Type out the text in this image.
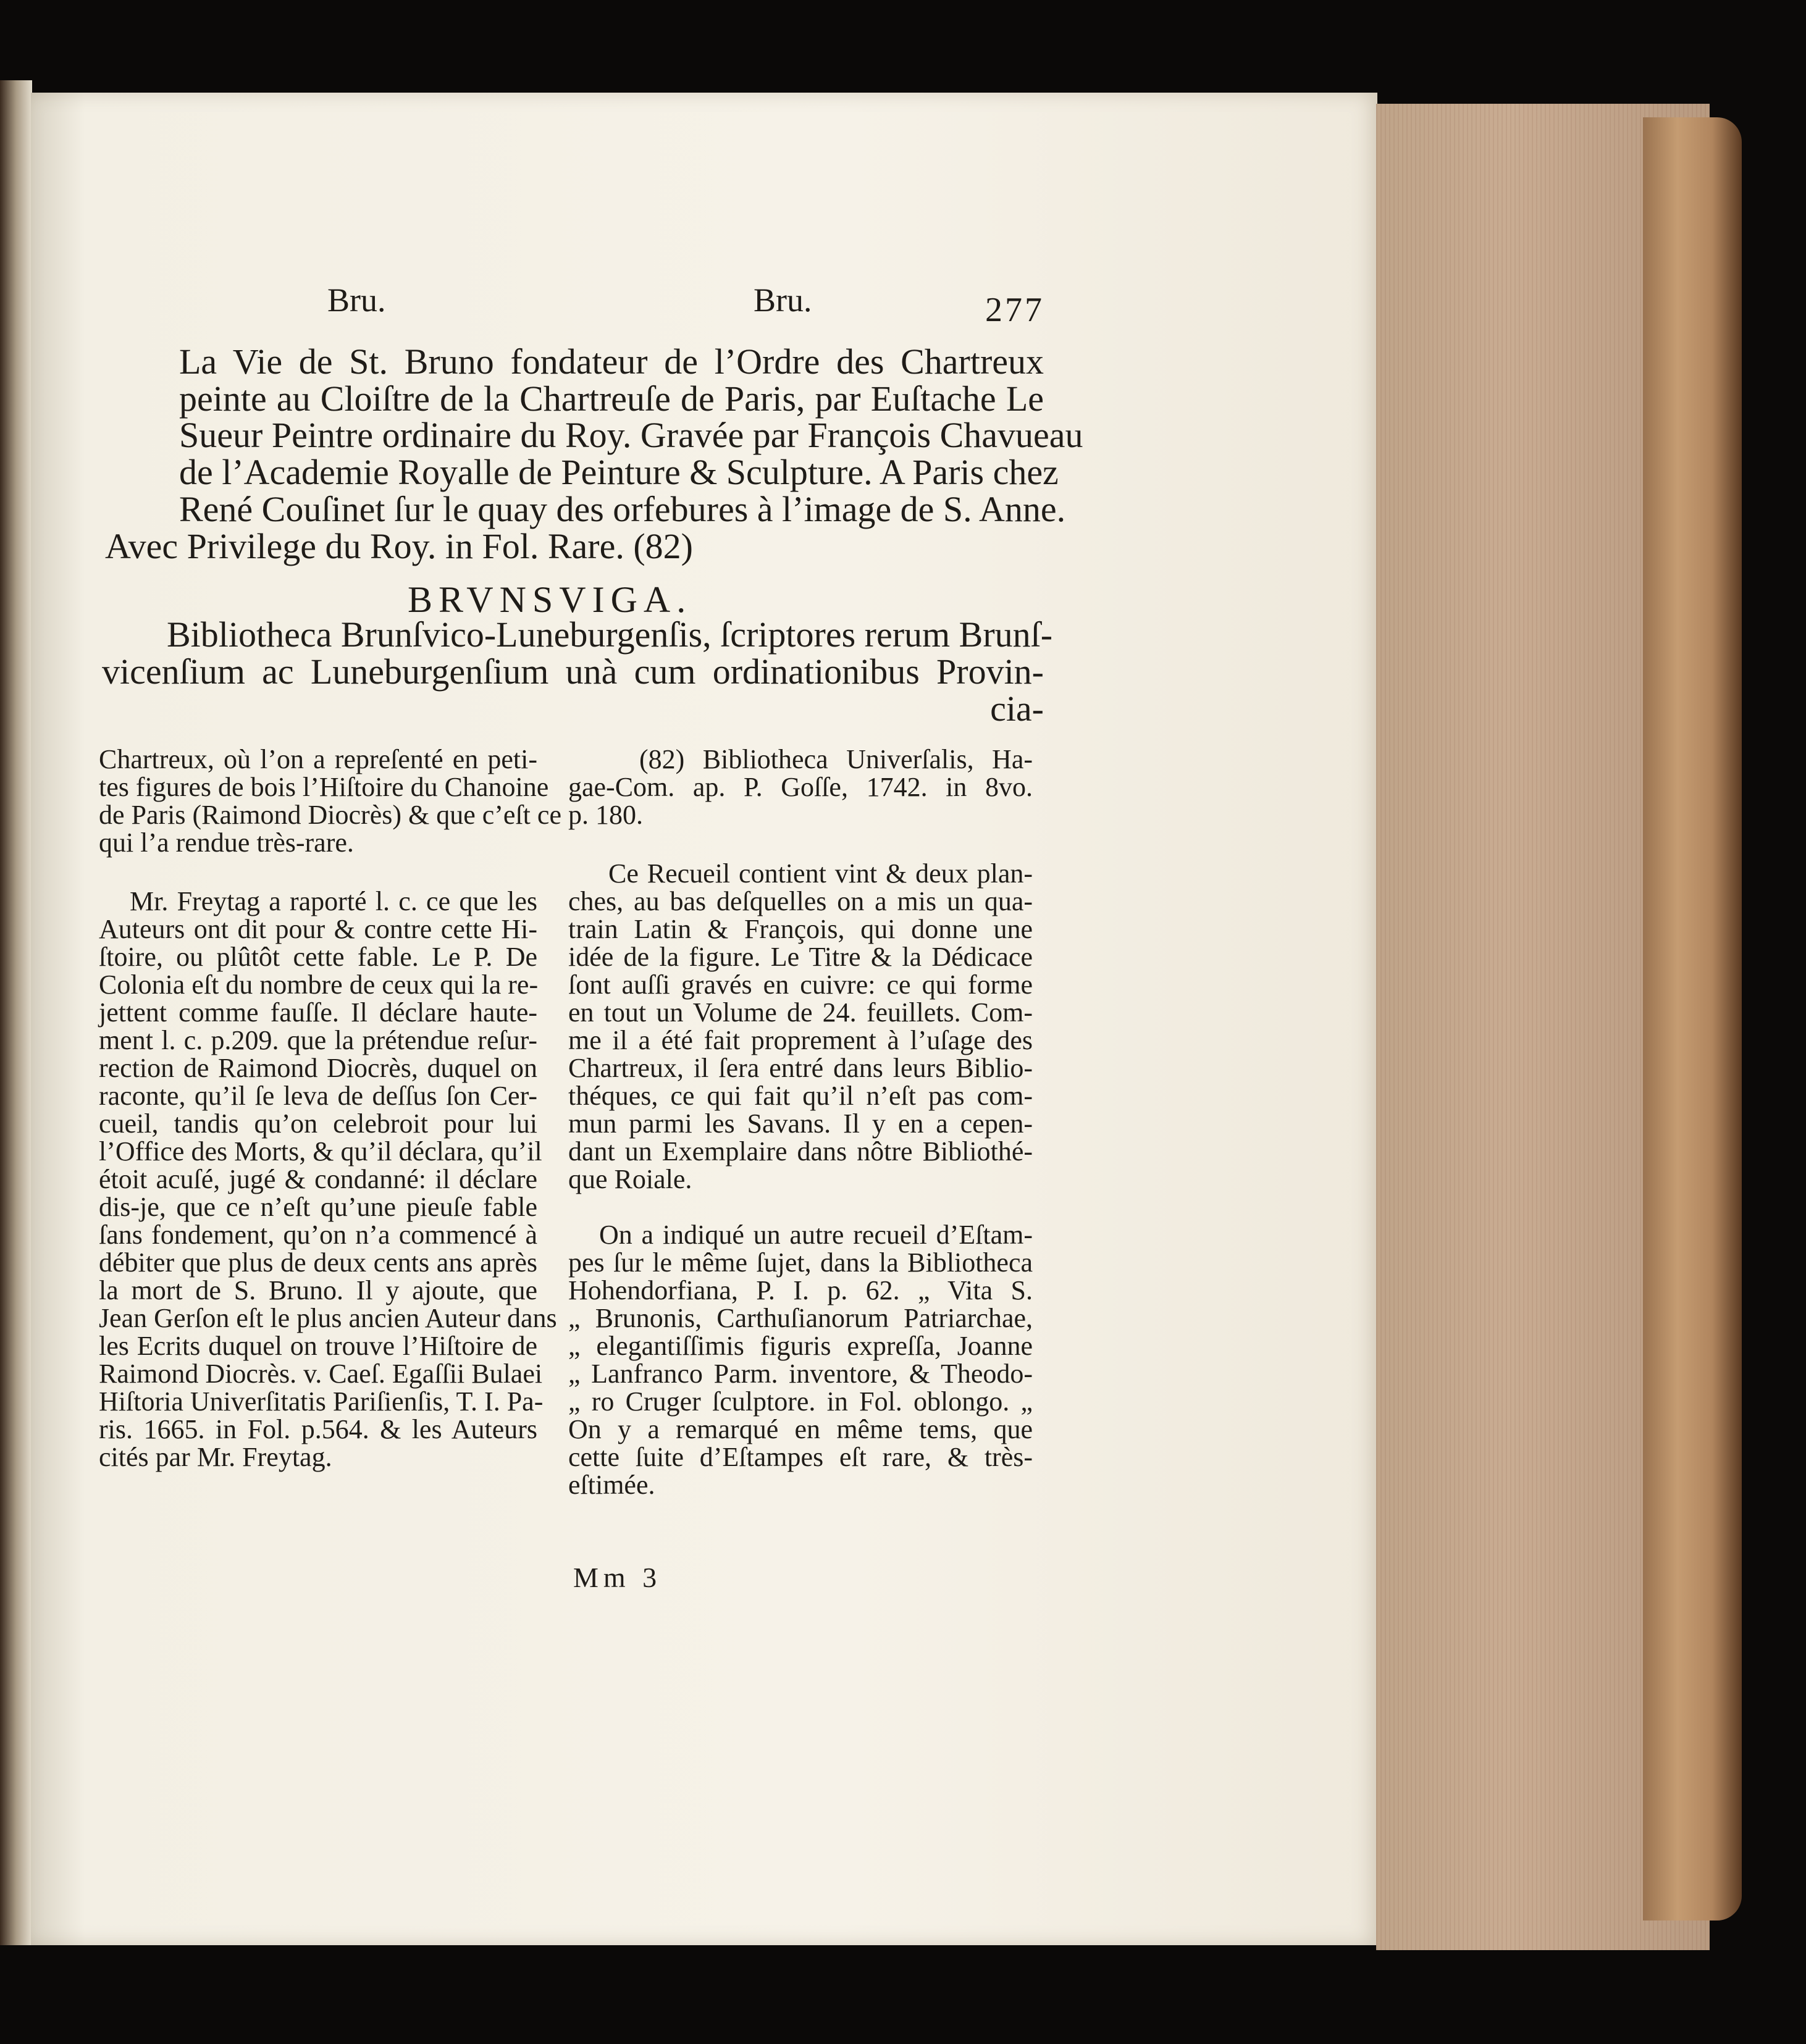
Bru.	Bru.	277
La Vie de St. Bruno fondateur de l’Ordre des Chartreux
peinte au Cloiſtre de la Chartreuſe de Paris, par Euſtache Le
Sueur Peintre ordinaire du Roy. Gravée par François Chavueau
de l’Academie Royalle de Peinture & Sculpture. A Paris chez
René Couſinet ſur le quay des orfebures à l’image de S. Anne.
Avec Privilege du Roy. in Fol. Rare. (82)
BRVNSVIGA.
Bibliotheca Brunſvico-Luneburgenſis, ſcriptores rerum Brunſ-
vicenſium ac Luneburgenſium unà cum ordinationibus Provin-
cia-
Chartreux, où l’on a repreſenté en peti-
tes figures de bois l’Hiſtoire du Chanoine
de Paris (Raimond Diocrès) & que c’eſt ce
qui l’a rendue très-rare.
Mr. Freytag a raporté l. c. ce que les
Auteurs ont dit pour & contre cette Hi-
ſtoire, ou plûtôt cette fable. Le P. De
Colonia eſt du nombre de ceux qui la re-
jettent comme fauſſe. Il déclare haute-
ment l. c. p.209. que la prétendue reſur-
rection de Raimond Diocrès, duquel on
raconte, qu’il ſe leva de deſſus ſon Cer-
cueil, tandis qu’on celebroit pour lui
l’Office des Morts, & qu’il déclara, qu’il
étoit acuſé, jugé & condanné: il déclare
dis-je, que ce n’eſt qu’une pieuſe fable
ſans fondement, qu’on n’a commencé à
débiter que plus de deux cents ans après
la mort de S. Bruno. Il y ajoute, que
Jean Gerſon eſt le plus ancien Auteur dans
les Ecrits duquel on trouve l’Hiſtoire de
Raimond Diocrès. v. Caeſ. Egaſſii Bulaei
Hiſtoria Univerſitatis Pariſienſis, T. I. Pa-
ris. 1665. in Fol. p.564. & les Auteurs
cités par Mr. Freytag.
(82) Bibliotheca Univerſalis, Ha-
gae-Com. ap. P. Goſſe, 1742. in 8vo.
p. 180.
Ce Recueil contient vint & deux plan-
ches, au bas deſquelles on a mis un qua-
train Latin & François, qui donne une
idée de la figure. Le Titre & la Dédicace
ſont auſſi gravés en cuivre: ce qui forme
en tout un Volume de 24. feuillets. Com-
me il a été fait proprement à l’uſage des
Chartreux, il ſera entré dans leurs Biblio-
théques, ce qui fait qu’il n’eſt pas com-
mun parmi les Savans. Il y en a cepen-
dant un Exemplaire dans nôtre Bibliothé-
que Roiale.
On a indiqué un autre recueil d’Eſtam-
pes ſur le même ſujet, dans la Bibliotheca
Hohendorfiana, P. I. p. 62. „ Vita S.
„ Brunonis, Carthuſianorum Patriarchae,
„ elegantiſſimis figuris expreſſa, Joanne
„ Lanfranco Parm. inventore, & Theodo-
„ ro Cruger ſculptore. in Fol. oblongo. „
On y a remarqué en même tems, que
cette ſuite d’Eſtampes eſt rare, & très-
eſtimée.
Mm 3
